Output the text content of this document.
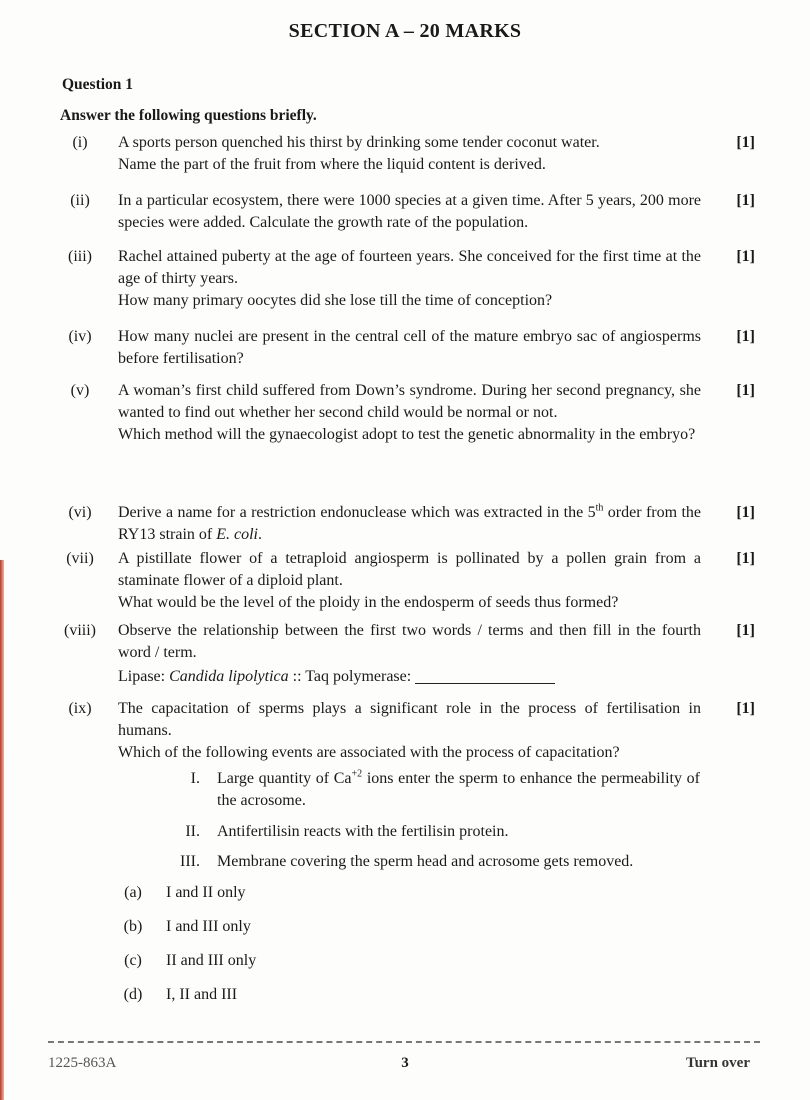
SECTION A – 20 MARKS
Question 1
Answer the following questions briefly.
(i)	A sports person quenched his thirst by drinking some tender coconut water.

Name the part of the fruit from where the liquid content is derived.

[1]
(ii)	In a particular ecosystem, there were 1000 species at a given time. After 5 years, 200 more species were added. Calculate the growth rate of the population.

[1]
(iii)	Rachel attained puberty at the age of fourteen years. She conceived for the first time at the age of thirty years.

How many primary oocytes did she lose till the time of conception?

[1]
(iv)	How many nuclei are present in the central cell of the mature embryo sac of angiosperms before fertilisation?

[1]
(v)	A woman’s first child suffered from Down’s syndrome. During her second pregnancy, she wanted to find out whether her second child would be normal or not.

Which method will the gynaecologist adopt to test the genetic abnormality in the embryo?

[1]
(vi)	Derive a name for a restriction endonuclease which was extracted in the 5th order from the RY13 strain of E. coli.

[1]
(vii)	A pistillate flower of a tetraploid angiosperm is pollinated by a pollen grain from a staminate flower of a diploid plant.

What would be the level of the ploidy in the endosperm of seeds thus formed?

[1]
(viii)	Observe the relationship between the first two words / terms and then fill in the fourth word / term.

Lipase: Candida lipolytica :: Taq polymerase:

[1]
(ix)	The capacitation of sperms plays a significant role in the process of fertilisation in humans.

Which of the following events are associated with the process of capacitation?

[1]
I. Large quantity of $Ca^{+2}$ ions enter the sperm to enhance the permeability of the acrosome.
II. Antifertilisin reacts with the fertilisin protein.
III. Membrane covering the sperm head and acrosome gets removed.
(a)	I and II only
(b)	I and III only
(c)	II and III only
(d)	I, II and III
1225-863A	3	Turn over
